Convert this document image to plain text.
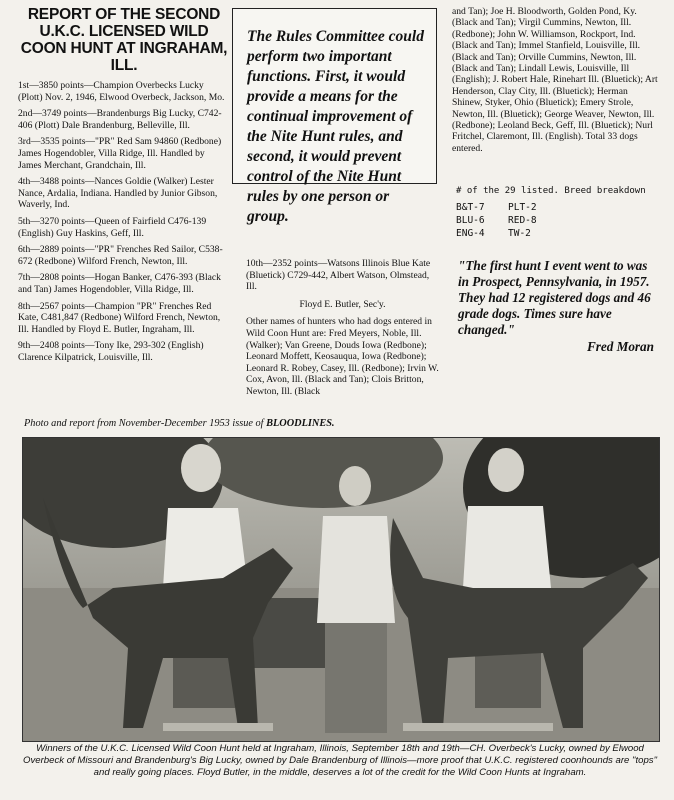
REPORT OF THE SECOND U.K.C. LICENSED WILD COON HUNT AT INGRAHAM, ILL.

1st—3850 points—Champion Overbecks Lucky (Plott) Nov. 2, 1946, Elwood Overbeck, Jackson, Mo.

2nd—3749 points—Brandenburgs Big Lucky, C742-406 (Plott) Dale Brandenburg, Belleville, Ill.

3rd—3535 points—"PR" Red Sam 94860 (Redbone) James Hogendobler, Villa Ridge, Ill. Handled by James Merchant, Grandchain, Ill.

4th—3488 points—Nances Goldie (Walker) Lester Nance, Ardalia, Indiana. Handled by Junior Gibson, Waverly, Ind.

5th—3270 points—Queen of Fairfield C476-139 (English) Guy Haskins, Geff, Ill.

6th—2889 points—"PR" Frenches Red Sailor, C538-672 (Redbone) Wilford French, Newton, Ill.

7th—2808 points—Hogan Banker, C476-393 (Black and Tan) James Hogendobler, Villa Ridge, Ill.

8th—2567 points—Champion "PR" Frenches Red Kate, C481,847 (Redbone) Wilford French, Newton, Ill. Handled by Floyd E. Butler, Ingraham, Ill.

9th—2408 points—Tony Ike, 293-302 (English) Clarence Kilpatrick, Louisville, Ill.

The Rules Committee could perform two important functions. First, it would provide a means for the continual improvement of the Nite Hunt rules, and second, it would prevent control of the Nite Hunt rules by one person or group.

10th—2352 points—Watsons Illinois Blue Kate (Bluetick) C729-442, Albert Watson, Olmstead, Ill.

Floyd E. Butler, Sec'y.

Other names of hunters who had dogs entered in Wild Coon Hunt are: Fred Meyers, Noble, Ill. (Walker); Van Greene, Douds Iowa (Redbone); Leonard Moffett, Keosauqua, Iowa (Redbone); Leonard R. Robey, Casey, Ill. (Redbone); Irvin W. Cox, Avon, Ill. (Black and Tan); Clois Britton, Newton, Ill. (Black

and Tan); Joe H. Bloodworth, Golden Pond, Ky. (Black and Tan); Virgil Cummins, Newton, Ill. (Redbone); John W. Williamson, Rockport, Ind. (Black and Tan); Immel Stanfield, Louisville, Ill. (Black and Tan); Orville Cummins, Newton, Ill. (Black and Tan); Lindall Lewis, Louisville, Ill (English); J. Robert Hale, Rinehart Ill. (Bluetick); Art Henderson, Clay City, Ill. (Bluetick); Herman Shinew, Styker, Ohio (Bluetick); Emery Strole, Newton, Ill. (Bluetick); George Weaver, Newton, Ill. (Redbone); Leoland Beck, Geff, Ill. (Bluetick); Nurl Fritchel, Claremont, Ill. (English). Total 33 dogs entered.

# of the 29 listed. Breed breakdown
B&T-7
BLU-6
ENG-4
PLT-2
RED-8
TW-2

"The first hunt I event went to was in Prospect, Pennsylvania, in 1957. They had 12 registered dogs and 46 grade dogs. Times sure have changed."

Fred Moran

Photo and report from November-December 1953 issue of BLOODLINES.
Winners of the U.K.C. Licensed Wild Coon Hunt held at Ingraham, Illinois, September 18th and 19th—CH. Overbeck's Lucky, owned by Elwood Overbeck of Missouri and Brandenburg's Big Lucky, owned by Dale Brandenburg of Illinois—more proof that U.K.C. registered coonhounds are "tops" and really going places. Floyd Butler, in the middle, deserves a lot of the credit for the Wild Coon Hunts at Ingraham.
